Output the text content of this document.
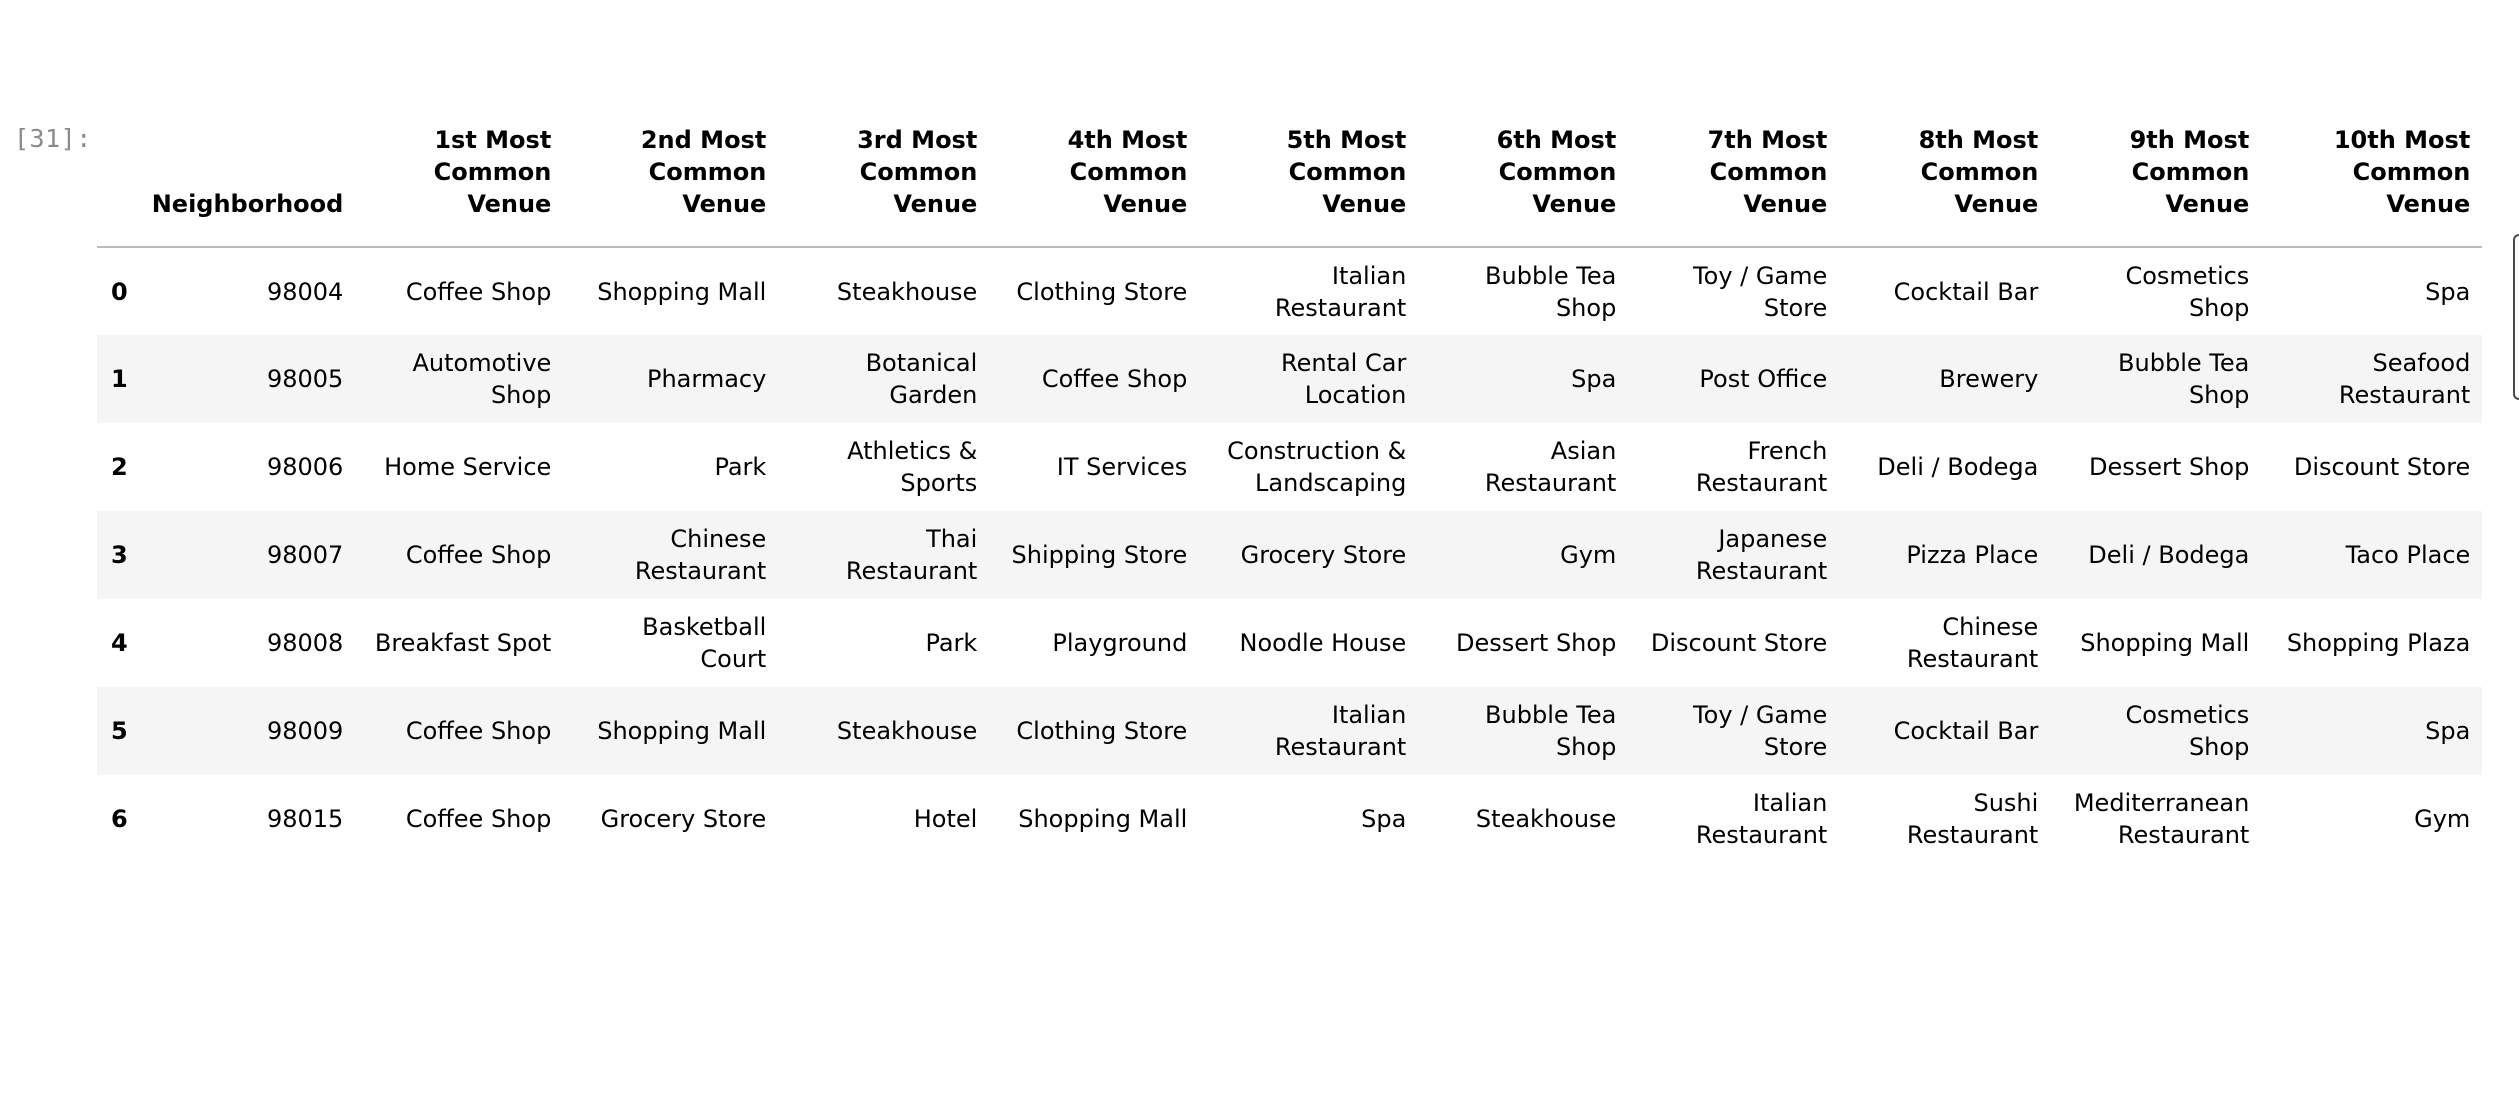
[31]:
	Neighborhood	1st Most Common Venue	2nd Most Common Venue	3rd Most Common Venue	4th Most Common Venue	5th Most Common Venue	6th Most Common Venue	7th Most Common Venue	8th Most Common Venue	9th Most Common Venue	10th Most Common Venue
0	98004	Coffee Shop	Shopping Mall	Steakhouse	Clothing Store	Italian Restaurant	Bubble Tea Shop	Toy / Game Store	Cocktail Bar	Cosmetics Shop	Spa
1	98005	Automotive Shop	Pharmacy	Botanical Garden	Coffee Shop	Rental Car Location	Spa	Post Office	Brewery	Bubble Tea Shop	Seafood Restaurant
2	98006	Home Service	Park	Athletics & Sports	IT Services	Construction & Landscaping	Asian Restaurant	French Restaurant	Deli / Bodega	Dessert Shop	Discount Store
3	98007	Coffee Shop	Chinese Restaurant	Thai Restaurant	Shipping Store	Grocery Store	Gym	Japanese Restaurant	Pizza Place	Deli / Bodega	Taco Place
4	98008	Breakfast Spot	Basketball Court	Park	Playground	Noodle House	Dessert Shop	Discount Store	Chinese Restaurant	Shopping Mall	Shopping Plaza
5	98009	Coffee Shop	Shopping Mall	Steakhouse	Clothing Store	Italian Restaurant	Bubble Tea Shop	Toy / Game Store	Cocktail Bar	Cosmetics Shop	Spa
6	98015	Coffee Shop	Grocery Store	Hotel	Shopping Mall	Spa	Steakhouse	Italian Restaurant	Sushi Restaurant	Mediterranean Restaurant	Gym
